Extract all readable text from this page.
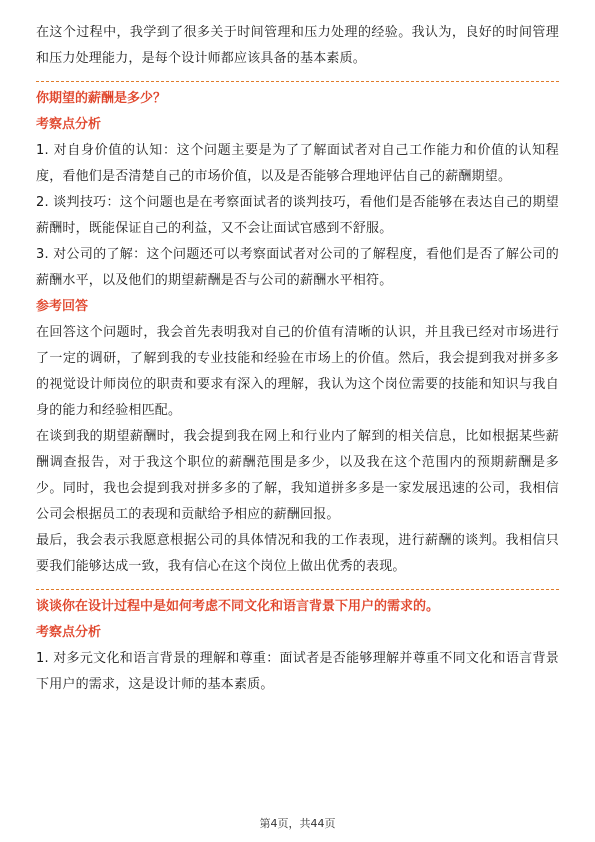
在这个过程中，我学到了很多关于时间管理和压力处理的经验。我认为，良好的时间管理和压力处理能力，是每个设计师都应该具备的基本素质。

你期望的薪酬是多少？

考察点分析

1. 对自身价值的认知：这个问题主要是为了了解面试者对自己工作能力和价值的认知程度，看他们是否清楚自己的市场价值，以及是否能够合理地评估自己的薪酬期望。

2. 谈判技巧：这个问题也是在考察面试者的谈判技巧，看他们是否能够在表达自己的期望薪酬时，既能保证自己的利益，又不会让面试官感到不舒服。

3. 对公司的了解：这个问题还可以考察面试者对公司的了解程度，看他们是否了解公司的薪酬水平，以及他们的期望薪酬是否与公司的薪酬水平相符。

参考回答

在回答这个问题时，我会首先表明我对自己的价值有清晰的认识，并且我已经对市场进行了一定的调研，了解到我的专业技能和经验在市场上的价值。然后，我会提到我对拼多多的视觉设计师岗位的职责和要求有深入的理解，我认为这个岗位需要的技能和知识与我自身的能力和经验相匹配。

在谈到我的期望薪酬时，我会提到我在网上和行业内了解到的相关信息，比如根据某些薪酬调查报告，对于我这个职位的薪酬范围是多少，以及我在这个范围内的预期薪酬是多少。同时，我也会提到我对拼多多的了解，我知道拼多多是一家发展迅速的公司，我相信公司会根据员工的表现和贡献给予相应的薪酬回报。

最后，我会表示我愿意根据公司的具体情况和我的工作表现，进行薪酬的谈判。我相信只要我们能够达成一致，我有信心在这个岗位上做出优秀的表现。

谈谈你在设计过程中是如何考虑不同文化和语言背景下用户的需求的。

考察点分析

1. 对多元文化和语言背景的理解和尊重：面试者是否能够理解并尊重不同文化和语言背景下用户的需求，这是设计师的基本素质。

第4页，共44页
